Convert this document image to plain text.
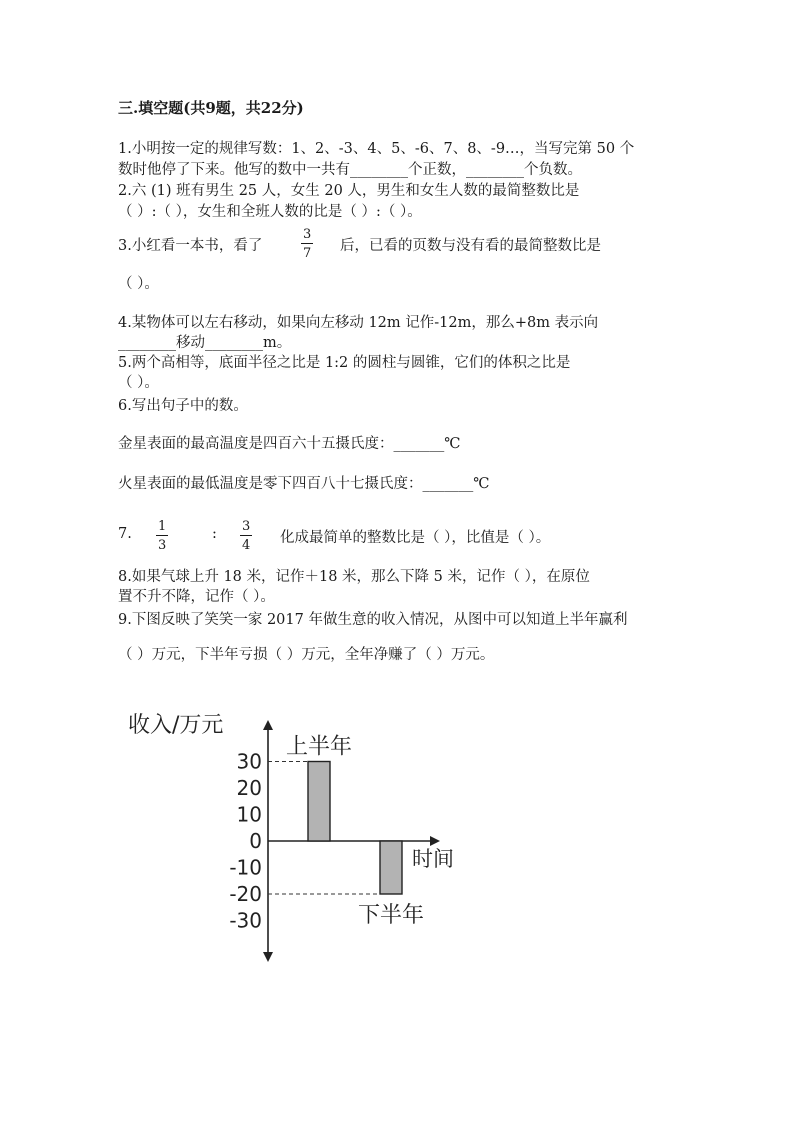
三.填空题(共9题，共22分)
1.小明按一定的规律写数：1、2、-3、4、5、-6、7、8、-9…，当写完第 50 个
数时他停了下来。他写的数中一共有________个正数，________个负数。
2.六 (1) 班有男生 25 人，女生 20 人，男生和女生人数的最简整数比是
（ ）:（ ），女生和全班人数的比是（ ）:（ ）。
3.小红看一本书，看了	$\frac{3}{7}$ 后，已看的页数与没有看的最简整数比是
（ ）。
4.某物体可以左右移动，如果向左移动 12m 记作-12m，那么+8m 表示向
________移动________m。
5.两个高相等，底面半径之比是 1:2 的圆柱与圆锥，它们的体积之比是
（ ）。
6.写出句子中的数。
金星表面的最高温度是四百六十五摄氏度：_______℃
火星表面的最低温度是零下四百八十七摄氏度：_______℃
7. $\frac{1}{3}$	: $\frac{3}{4}$ 化成最简单的整数比是（ ），比值是（ ）。
8.如果气球上升 18 米，记作＋18 米，那么下降 5 米，记作（ ），在原位
置不升不降，记作（ ）。
9.下图反映了笑笑一家 2017 年做生意的收入情况，从图中可以知道上半年赢利
（ ）万元，下半年亏损（ ）万元，全年净赚了（ ）万元。
30
20
10
0
-10
-20
-30
收入/万元
时间
上半年
下半年
